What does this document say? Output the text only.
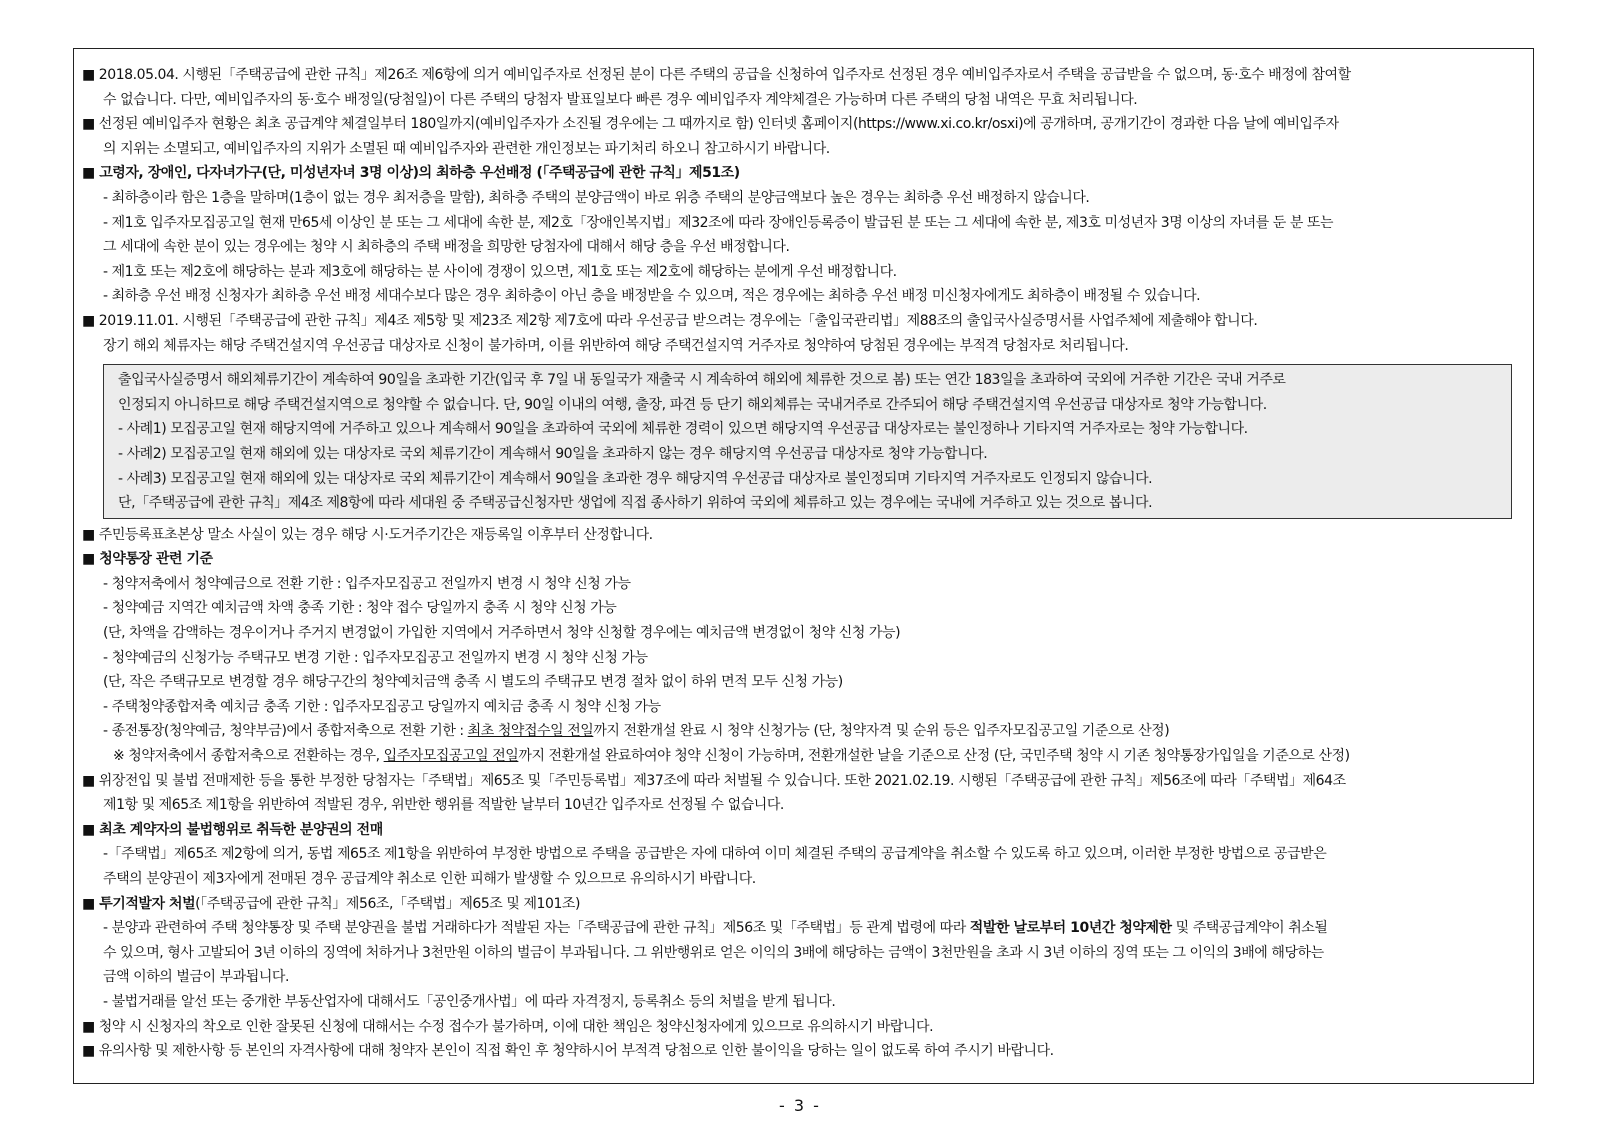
■ 2018.05.04. 시행된「주택공급에 관한 규칙」제26조 제6항에 의거 예비입주자로 선정된 분이 다른 주택의 공급을 신청하여 입주자로 선정된 경우 예비입주자로서 주택을 공급받을 수 없으며, 동·호수 배정에 참여할
수 없습니다. 다만, 예비입주자의 동·호수 배정일(당첨일)이 다른 주택의 당첨자 발표일보다 빠른 경우 예비입주자 계약체결은 가능하며 다른 주택의 당첨 내역은 무효 처리됩니다.
■ 선정된 예비입주자 현황은 최초 공급계약 체결일부터 180일까지(예비입주자가 소진될 경우에는 그 때까지로 함) 인터넷 홈페이지(https://www.xi.co.kr/osxi)에 공개하며, 공개기간이 경과한 다음 날에 예비입주자
의 지위는 소멸되고, 예비입주자의 지위가 소멸된 때 예비입주자와 관련한 개인정보는 파기처리 하오니 참고하시기 바랍니다.
■ 고령자, 장애인, 다자녀가구(단, 미성년자녀 3명 이상)의 최하층 우선배정 (「주택공급에 관한 규칙」제51조)
- 최하층이라 함은 1층을 말하며(1층이 없는 경우 최저층을 말함), 최하층 주택의 분양금액이 바로 위층 주택의 분양금액보다 높은 경우는 최하층 우선 배정하지 않습니다.
- 제1호 입주자모집공고일 현재 만65세 이상인 분 또는 그 세대에 속한 분, 제2호「장애인복지법」제32조에 따라 장애인등록증이 발급된 분 또는 그 세대에 속한 분, 제3호 미성년자 3명 이상의 자녀를 둔 분 또는
그 세대에 속한 분이 있는 경우에는 청약 시 최하층의 주택 배정을 희망한 당첨자에 대해서 해당 층을 우선 배정합니다.
- 제1호 또는 제2호에 해당하는 분과 제3호에 해당하는 분 사이에 경쟁이 있으면, 제1호 또는 제2호에 해당하는 분에게 우선 배정합니다.
- 최하층 우선 배정 신청자가 최하층 우선 배정 세대수보다 많은 경우 최하층이 아닌 층을 배정받을 수 있으며, 적은 경우에는 최하층 우선 배정 미신청자에게도 최하층이 배정될 수 있습니다.
■ 2019.11.01. 시행된「주택공급에 관한 규칙」제4조 제5항 및 제23조 제2항 제7호에 따라 우선공급 받으려는 경우에는「출입국관리법」제88조의 출입국사실증명서를 사업주체에 제출해야 합니다.
장기 해외 체류자는 해당 주택건설지역 우선공급 대상자로 신청이 불가하며, 이를 위반하여 해당 주택건설지역 거주자로 청약하여 당첨된 경우에는 부적격 당첨자로 처리됩니다.
출입국사실증명서 해외체류기간이 계속하여 90일을 초과한 기간(입국 후 7일 내 동일국가 재출국 시 계속하여 해외에 체류한 것으로 봄) 또는 연간 183일을 초과하여 국외에 거주한 기간은 국내 거주로
인정되지 아니하므로 해당 주택건설지역으로 청약할 수 없습니다. 단, 90일 이내의 여행, 출장, 파견 등 단기 해외체류는 국내거주로 간주되어 해당 주택건설지역 우선공급 대상자로 청약 가능합니다.
- 사례1) 모집공고일 현재 해당지역에 거주하고 있으나 계속해서 90일을 초과하여 국외에 체류한 경력이 있으면 해당지역 우선공급 대상자로는 불인정하나 기타지역 거주자로는 청약 가능합니다.
- 사례2) 모집공고일 현재 해외에 있는 대상자로 국외 체류기간이 계속해서 90일을 초과하지 않는 경우 해당지역 우선공급 대상자로 청약 가능합니다.
- 사례3) 모집공고일 현재 해외에 있는 대상자로 국외 체류기간이 계속해서 90일을 초과한 경우 해당지역 우선공급 대상자로 불인정되며 기타지역 거주자로도 인정되지 않습니다.
단,「주택공급에 관한 규칙」제4조 제8항에 따라 세대원 중 주택공급신청자만 생업에 직접 종사하기 위하여 국외에 체류하고 있는 경우에는 국내에 거주하고 있는 것으로 봅니다.
■ 주민등록표초본상 말소 사실이 있는 경우 해당 시·도거주기간은 재등록일 이후부터 산정합니다.
■ 청약통장 관련 기준
- 청약저축에서 청약예금으로 전환 기한 : 입주자모집공고 전일까지 변경 시 청약 신청 가능
- 청약예금 지역간 예치금액 차액 충족 기한 : 청약 접수 당일까지 충족 시 청약 신청 가능
(단, 차액을 감액하는 경우이거나 주거지 변경없이 가입한 지역에서 거주하면서 청약 신청할 경우에는 예치금액 변경없이 청약 신청 가능)
- 청약예금의 신청가능 주택규모 변경 기한 : 입주자모집공고 전일까지 변경 시 청약 신청 가능
(단, 작은 주택규모로 변경할 경우 해당구간의 청약예치금액 충족 시 별도의 주택규모 변경 절차 없이 하위 면적 모두 신청 가능)
- 주택청약종합저축 예치금 충족 기한 : 입주자모집공고 당일까지 예치금 충족 시 청약 신청 가능
- 종전통장(청약예금, 청약부금)에서 종합저축으로 전환 기한 : 최초 청약접수일 전일까지 전환개설 완료 시 청약 신청가능 (단, 청약자격 및 순위 등은 입주자모집공고일 기준으로 산정)
※ 청약저축에서 종합저축으로 전환하는 경우, 입주자모집공고일 전일까지 전환개설 완료하여야 청약 신청이 가능하며, 전환개설한 날을 기준으로 산정 (단, 국민주택 청약 시 기존 청약통장가입일을 기준으로 산정)
■ 위장전입 및 불법 전매제한 등을 통한 부정한 당첨자는「주택법」제65조 및「주민등록법」제37조에 따라 처벌될 수 있습니다. 또한 2021.02.19. 시행된「주택공급에 관한 규칙」제56조에 따라「주택법」제64조
제1항 및 제65조 제1항을 위반하여 적발된 경우, 위반한 행위를 적발한 날부터 10년간 입주자로 선정될 수 없습니다.
■ 최초 계약자의 불법행위로 취득한 분양권의 전매
-「주택법」제65조 제2항에 의거, 동법 제65조 제1항을 위반하여 부정한 방법으로 주택을 공급받은 자에 대하여 이미 체결된 주택의 공급계약을 취소할 수 있도록 하고 있으며, 이러한 부정한 방법으로 공급받은
주택의 분양권이 제3자에게 전매된 경우 공급계약 취소로 인한 피해가 발생할 수 있으므로 유의하시기 바랍니다.
■ 투기적발자 처벌(「주택공급에 관한 규칙」제56조,「주택법」제65조 및 제101조)
- 분양과 관련하여 주택 청약통장 및 주택 분양권을 불법 거래하다가 적발된 자는「주택공급에 관한 규칙」제56조 및「주택법」등 관계 법령에 따라 적발한 날로부터 10년간 청약제한 및 주택공급계약이 취소될
수 있으며, 형사 고발되어 3년 이하의 징역에 처하거나 3천만원 이하의 벌금이 부과됩니다. 그 위반행위로 얻은 이익의 3배에 해당하는 금액이 3천만원을 초과 시 3년 이하의 징역 또는 그 이익의 3배에 해당하는
금액 이하의 벌금이 부과됩니다.
- 불법거래를 알선 또는 중개한 부동산업자에 대해서도「공인중개사법」에 따라 자격정지, 등록취소 등의 처벌을 받게 됩니다.
■ 청약 시 신청자의 착오로 인한 잘못된 신청에 대해서는 수정 접수가 불가하며, 이에 대한 책임은 청약신청자에게 있으므로 유의하시기 바랍니다.
■ 유의사항 및 제한사항 등 본인의 자격사항에 대해 청약자 본인이 직접 확인 후 청약하시어 부적격 당첨으로 인한 불이익을 당하는 일이 없도록 하여 주시기 바랍니다.
- 3 -
